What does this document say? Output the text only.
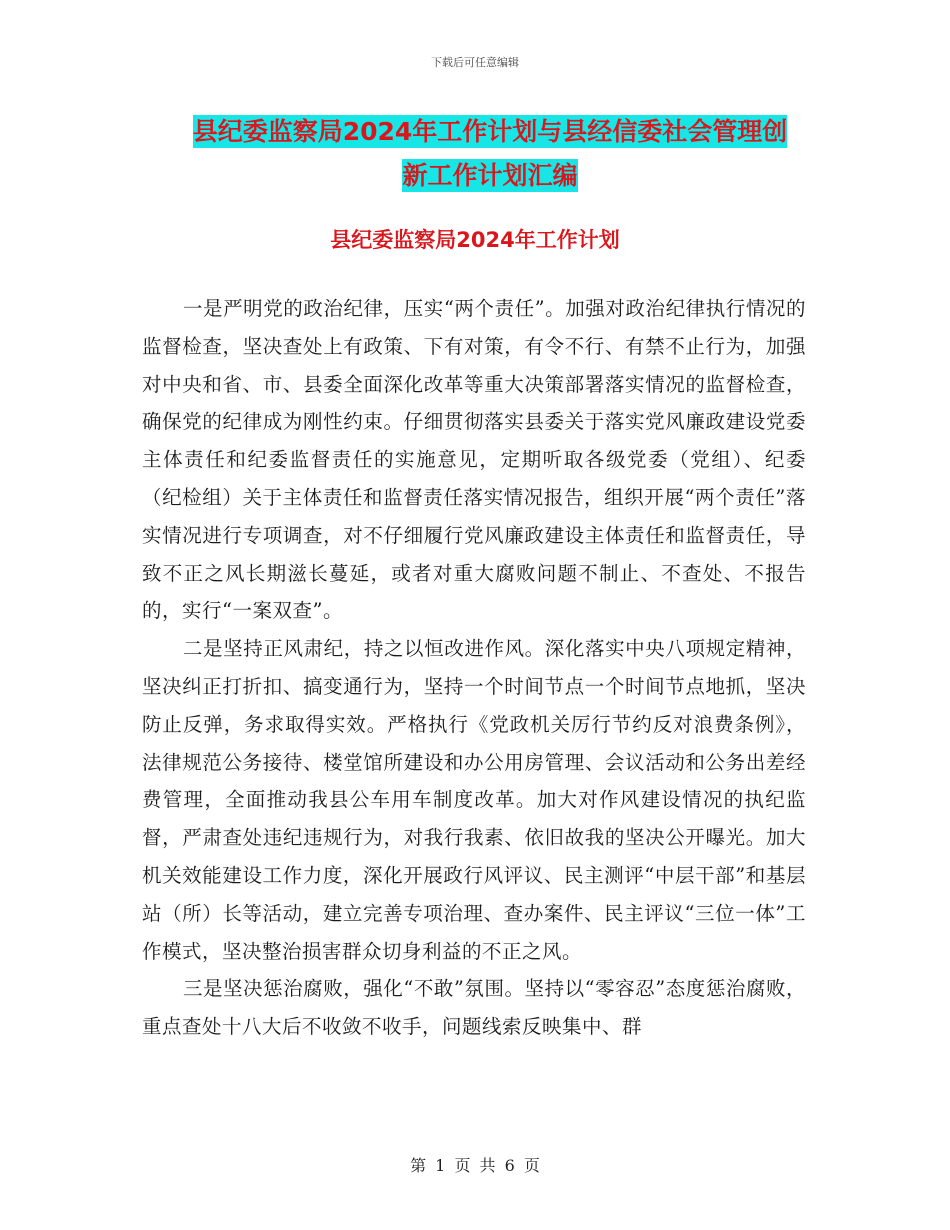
下载后可任意编辑
县纪委监察局2024年工作计划与县经信委社会管理创
新工作计划汇编
县纪委监察局2024年工作计划

一是严明党的政治纪律，压实“两个责任”。加强对政治纪律执行情况的监督检查，坚决查处上有政策、下有对策，有令不行、有禁不止行为，加强对中央和省、市、县委全面深化改革等重大决策部署落实情况的监督检查，确保党的纪律成为刚性约束。仔细贯彻落实县委关于落实党风廉政建设党委主体责任和纪委监督责任的实施意见，定期听取各级党委（党组）、纪委（纪检组）关于主体责任和监督责任落实情况报告，组织开展“两个责任”落实情况进行专项调查，对不仔细履行党风廉政建设主体责任和监督责任，导致不正之风长期滋长蔓延，或者对重大腐败问题不制止、不查处、不报告的，实行“一案双查”。

二是坚持正风肃纪，持之以恒改进作风。深化落实中央八项规定精神，坚决纠正打折扣、搞变通行为，坚持一个时间节点一个时间节点地抓，坚决防止反弹，务求取得实效。严格执行《党政机关厉行节约反对浪费条例》，法律规范公务接待、楼堂馆所建设和办公用房管理、会议活动和公务出差经费管理，全面推动我县公车用车制度改革。加大对作风建设情况的执纪监督，严肃查处违纪违规行为，对我行我素、依旧故我的坚决公开曝光。加大机关效能建设工作力度，深化开展政行风评议、民主测评“中层干部”和基层站（所）长等活动，建立完善专项治理、查办案件、民主评议“三位一体”工作模式，坚决整治损害群众切身利益的不正之风。

三是坚决惩治腐败，强化“不敢”氛围。坚持以“零容忍”态度惩治腐败，重点查处十八大后不收敛不收手，问题线索反映集中、群

第 1 页 共 6 页
